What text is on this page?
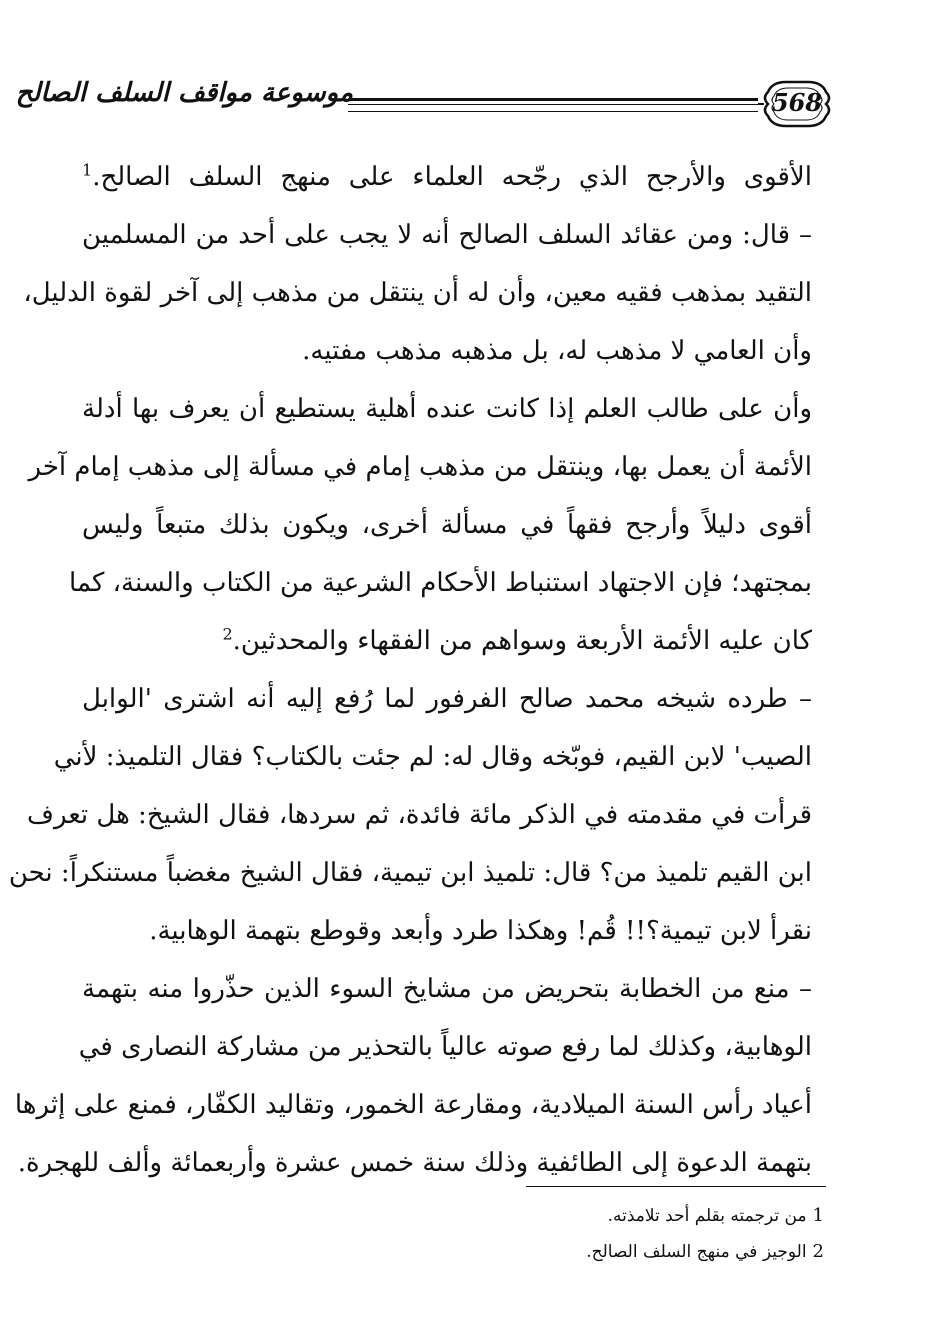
موسوعة مواقف السلف الصالح	568
الأقوى والأرجح الذي رجّحه العلماء على منهج السلف الصالح.$^1$
– قال: ومن عقائد السلف الصالح أنه لا يجب على أحد من المسلمين
التقيد بمذهب فقيه معين، وأن له أن ينتقل من مذهب إلى آخر لقوة الدليل،
وأن العامي لا مذهب له، بل مذهبه مذهب مفتيه.
وأن على طالب العلم إذا كانت عنده أهلية يستطيع أن يعرف بها أدلة
الأئمة أن يعمل بها، وينتقل من مذهب إمام في مسألة إلى مذهب إمام آخر
أقوى دليلاً وأرجح فقهاً في مسألة أخرى، ويكون بذلك متبعاً وليس
بمجتهد؛ فإن الاجتهاد استنباط الأحكام الشرعية من الكتاب والسنة، كما
كان عليه الأئمة الأربعة وسواهم من الفقهاء والمحدثين.$^2$
– طرده شيخه محمد صالح الفرفور لما رُفع إليه أنه اشترى 'الوابل
الصيب' لابن القيم، فوبّخه وقال له: لم جئت بالكتاب؟ فقال التلميذ: لأني
قرأت في مقدمته في الذكر مائة فائدة، ثم سردها، فقال الشيخ: هل تعرف
ابن القيم تلميذ من؟ قال: تلميذ ابن تيمية، فقال الشيخ مغضباً مستنكراً: نحن
نقرأ لابن تيمية؟!! قُم! وهكذا طرد وأبعد وقوطع بتهمة الوهابية.
– منع من الخطابة بتحريض من مشايخ السوء الذين حذّروا منه بتهمة
الوهابية، وكذلك لما رفع صوته عالياً بالتحذير من مشاركة النصارى في
أعياد رأس السنة الميلادية، ومقارعة الخمور، وتقاليد الكفّار، فمنع على إثرها
بتهمة الدعوة إلى الطائفية وذلك سنة خمس عشرة وأربعمائة وألف للهجرة.
1من ترجمته بقلم أحد تلامذته.
2الوجيز في منهج السلف الصالح.
